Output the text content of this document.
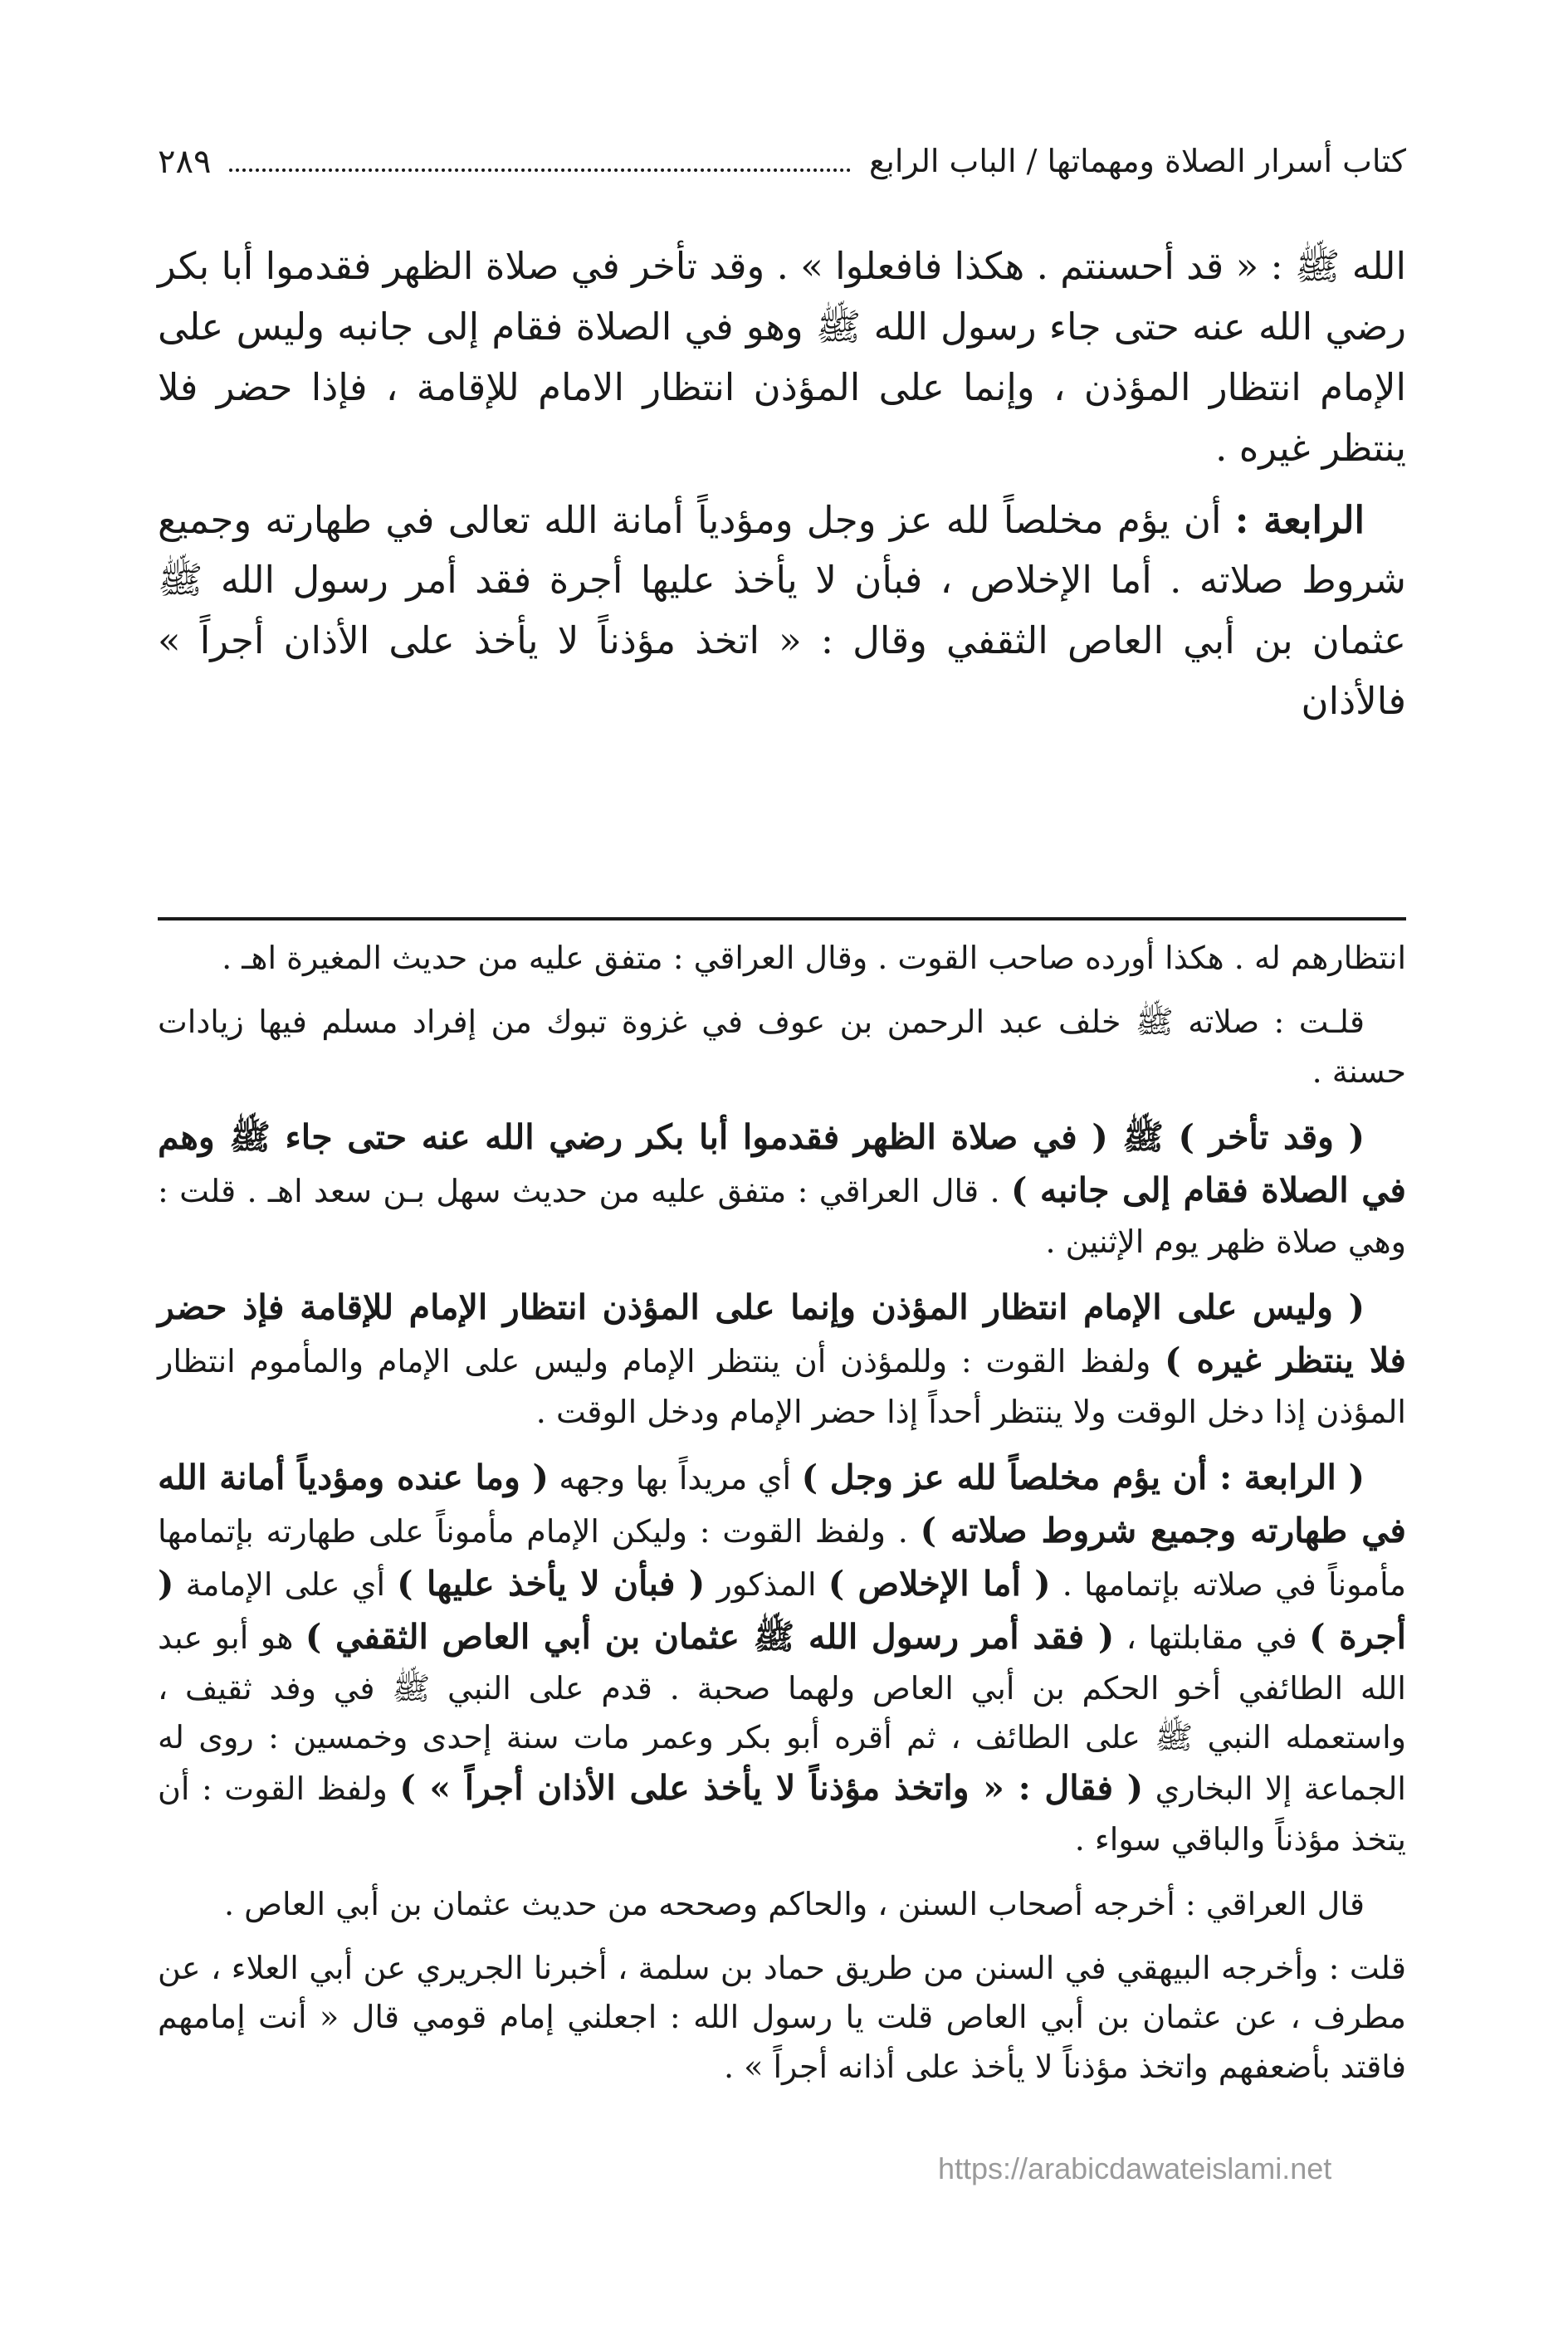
كتاب أسرار الصلاة ومهماتها / الباب الرابع
٢٨٩

الله ﷺ : « قد أحسنتم . هكذا فافعلوا » . وقد تأخر في صلاة الظهر فقدموا أبا بكر رضي الله عنه حتى جاء رسول الله ﷺ وهو في الصلاة فقام إلى جانبه وليس على الإمام انتظار المؤذن ، وإنما على المؤذن انتظار الامام للإقامة ، فإذا حضر فلا ينتظر غيره .

الرابعة : أن يؤم مخلصاً لله عز وجل ومؤدياً أمانة الله تعالى في طهارته وجميع شروط صلاته . أما الإخلاص ، فبأن لا يأخذ عليها أجرة فقد أمر رسول الله ﷺ عثمان بن أبي العاص الثقفي وقال : « اتخذ مؤذناً لا يأخذ على الأذان أجراً » فالأذان

انتظارهم له . هكذا أورده صاحب القوت . وقال العراقي : متفق عليه من حديث المغيرة اهـ .

قلـت : صلاته ﷺ خلف عبد الرحمن بن عوف في غزوة تبوك من إفراد مسلم فيها زيادات حسنة .

( وقد تأخر ) ﷺ ( في صلاة الظهر فقدموا أبا بكر رضي الله عنه حتى جاء ﷺ وهم في الصلاة فقام إلى جانبه ) . قال العراقي : متفق عليه من حديث سهل بـن سعد اهـ . قلت : وهي صلاة ظهر يوم الإثنين .

( وليس على الإمام انتظار المؤذن وإنما على المؤذن انتظار الإمام للإقامة فإذ حضر فلا ينتظر غيره ) ولفظ القوت : وللمؤذن أن ينتظر الإمام وليس على الإمام والمأموم انتظار المؤذن إذا دخل الوقت ولا ينتظر أحداً إذا حضر الإمام ودخل الوقت .

( الرابعة : أن يؤم مخلصاً لله عز وجل ) أي مريداً بها وجهه ( وما عنده ومؤدياً أمانة الله في طهارته وجميع شروط صلاته ) . ولفظ القوت : وليكن الإمام مأموناً على طهارته بإتمامها مأموناً في صلاته بإتمامها . ( أما الإخلاص ) المذكور ( فبأن لا يأخذ عليها ) أي على الإمامة ( أجرة ) في مقابلتها ، ( فقد أمر رسول الله ﷺ عثمان بن أبي العاص الثقفي ) هو أبو عبد الله الطائفي أخو الحكم بن أبي العاص ولهما صحبة . قدم على النبي ﷺ في وفد ثقيف ، واستعمله النبي ﷺ على الطائف ، ثم أقره أبو بكر وعمر مات سنة إحدى وخمسين : روى له الجماعة إلا البخاري ( فقال : « واتخذ مؤذناً لا يأخذ على الأذان أجراً » ) ولفظ القوت : أن يتخذ مؤذناً والباقي سواء .

قال العراقي : أخرجه أصحاب السنن ، والحاكم وصححه من حديث عثمان بن أبي العاص .

قلت : وأخرجه البيهقي في السنن من طريق حماد بن سلمة ، أخبرنا الجريري عن أبي العلاء ، عن مطرف ، عن عثمان بن أبي العاص قلت يا رسول الله : اجعلني إمام قومي قال « أنت إمامهم فاقتد بأضعفهم واتخذ مؤذناً لا يأخذ على أذانه أجراً » .

https://arabicdawateislami.net
